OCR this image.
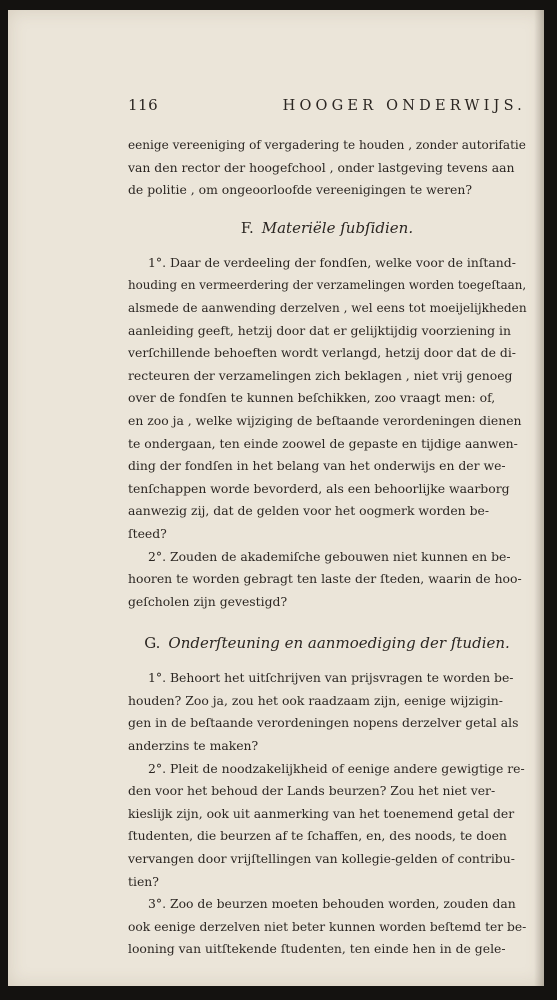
116	HOOGER ONDERWIJS.
eenige vereeniging of vergadering te houden , zonder autorifatie
van den rector der hoogefchool , onder lastgeving tevens aan
de politie , om ongeoorloofde vereenigingen te weren?
F. Materiële ſubſidien.
1°. Daar de verdeeling der fondſen, welke voor de inſtand-
houding en vermeerdering der verzamelingen worden toegeſtaan,
alsmede de aanwending derzelven , wel eens tot moeijelijkheden
aanleiding geeft, hetzij door dat er gelijktijdig voorziening in
verſchillende behoeften wordt verlangd, hetzij door dat de di-
recteuren der verzamelingen zich beklagen , niet vrij genoeg
over de fondſen te kunnen beſchikken, zoo vraagt men: of,
en zoo ja , welke wijziging de beſtaande verordeningen dienen
te ondergaan, ten einde zoowel de gepaste en tijdige aanwen-
ding der fondſen in het belang van het onderwijs en der we-
tenſchappen worde bevorderd, als een behoorlijke waarborg
aanwezig zij, dat de gelden voor het oogmerk worden be-
ſteed?
2°. Zouden de akademiſche gebouwen niet kunnen en be-
hooren te worden gebragt ten laste der ſteden, waarin de hoo-
geſcholen zijn gevestigd?
G. Onderſteuning en aanmoediging der ſtudien.
1°. Behoort het uitſchrijven van prijsvragen te worden be-
houden? Zoo ja, zou het ook raadzaam zijn, eenige wijzigin-
gen in de beſtaande verordeningen nopens derzelver getal als
anderzins te maken?
2°. Pleit de noodzakelijkheid of eenige andere gewigtige re-
den voor het behoud der Lands beurzen? Zou het niet ver-
kieslijk zijn, ook uit aanmerking van het toenemend getal der
ſtudenten, die beurzen af te ſchaffen, en, des noods, te doen
vervangen door vrijſtellingen van kollegie-gelden of contribu-
tien?
3°. Zoo de beurzen moeten behouden worden, zouden dan
ook eenige derzelven niet beter kunnen worden beſtemd ter be-
looning van uitſtekende ſtudenten, ten einde hen in de gele-
